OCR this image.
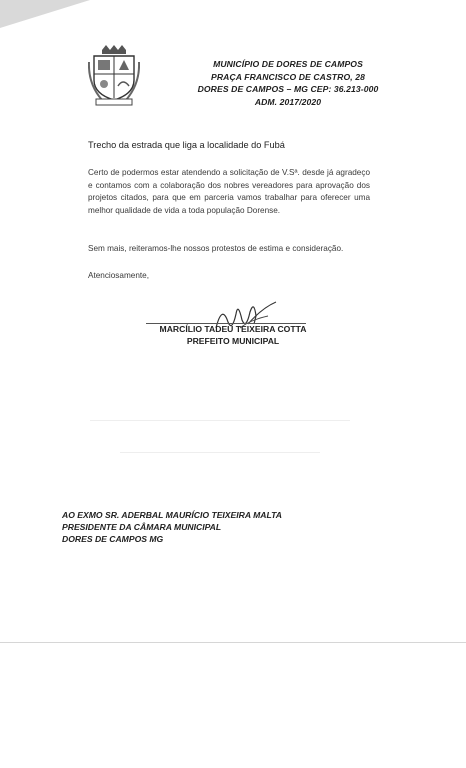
MUNICÍPIO DE DORES DE CAMPOS
PRAÇA FRANCISCO DE CASTRO, 28
DORES DE CAMPOS – MG CEP: 36.213-000
ADM. 2017/2020
Trecho da estrada que liga a localidade do Fubá
Certo de podermos estar atendendo a solicitação de V.Sª. desde já agradeço e contamos com a colaboração dos nobres vereadores para aprovação dos projetos citados, para que em parceria vamos trabalhar para oferecer uma melhor qualidade de vida a toda população Dorense.
Sem mais, reiteramos-lhe nossos protestos de estima e consideração.
Atenciosamente,
MARCÍLIO TADEU TEIXEIRA COTTA
PREFEITO MUNICIPAL
AO EXMO SR. ADERBAL MAURÍCIO TEIXEIRA MALTA
PRESIDENTE DA CÂMARA MUNICIPAL
DORES DE CAMPOS MG
